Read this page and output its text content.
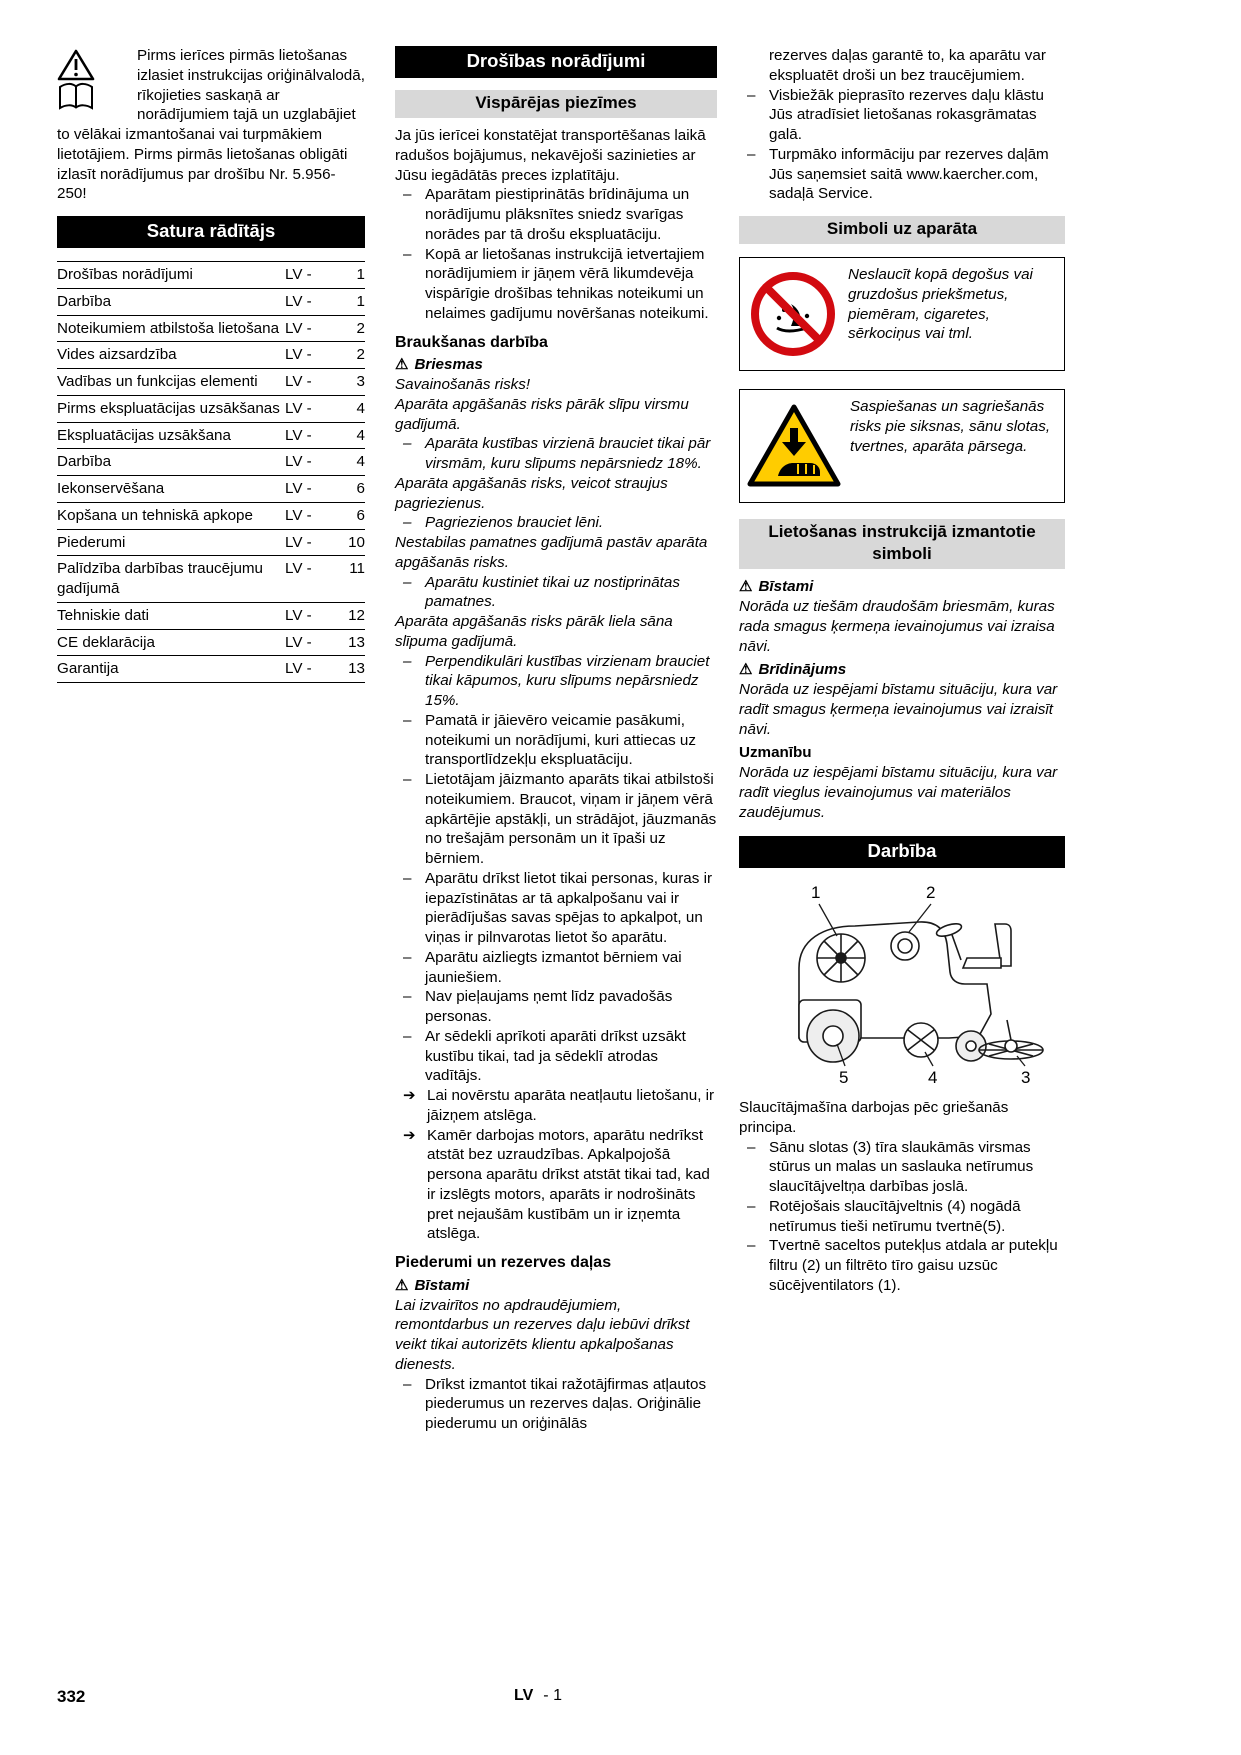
Pirms ierīces pirmās lietošanas izlasiet instrukcijas oriģinālvalodā, rīkojieties saskaņā ar norādījumiem tajā un uzglabājiet to vēlākai izmantošanai vai turpmākiem lietotājiem. Pirms pirmās lietošanas obligāti izlasīt norādījumus par drošību Nr. 5.956-250!
Satura rādītājs
Drošības norādījumi	LV -	1
Darbība	LV -	1
Noteikumiem atbilstoša lietošana LV -	2
Vides aizsardzība	LV -	2
Vadības un funkcijas elementi	LV -	3
Pirms ekspluatācijas uzsākšanas LV -	4
Ekspluatācijas uzsākšana	LV -	4
Darbība	LV -	4
Iekonservēšana	LV -	6
Kopšana un tehniskā apkope	LV -	6
Piederumi	LV -	10
Palīdzība darbības traucējumu gadījumā
LV -	11
Tehniskie dati	LV -	12
CE deklarācija	LV -	13
Garantija	LV -	13
Drošības norādījumi
Vispārējas piezīmes

Ja jūs ierīcei konstatējat transportēšanas laikā radušos bojājumus, nekavējoši sazinieties ar Jūsu iegādātās preces izplatītāju.

– Aparātam piestiprinātās brīdinājuma un norādījumu plāksnītes sniedz svarīgas norādes par tā drošu ekspluatāciju.
– Kopā ar lietošanas instrukcijā ietvertajiem norādījumiem ir jāņem vērā likumdevēja vispārīgie drošības tehnikas noteikumi un nelaimes gadījumu novēršanas noteikumi.
Braukšanas darbība
⚠ Briesmas

Savainošanās risks!

Aparāta apgāšanās risks pārāk slīpu virsmu gadījumā.

– Aparāta kustības virzienā brauciet tikai pār virsmām, kuru slīpums nepārsniedz 18%.

Aparāta apgāšanās risks, veicot straujus pagriezienus.

– Pagriezienos brauciet lēni.

Nestabilas pamatnes gadījumā pastāv aparāta apgāšanās risks.

– Aparātu kustiniet tikai uz nostiprinātas pamatnes.

Aparāta apgāšanās risks pārāk liela sāna slīpuma gadījumā.

– Perpendikulāri kustības virzienam brauciet tikai kāpumos, kuru slīpums nepārsniedz 15%.
– Pamatā ir jāievēro veicamie pasākumi, noteikumi un norādījumi, kuri attiecas uz transportlīdzekļu ekspluatāciju.
– Lietotājam jāizmanto aparāts tikai atbilstoši noteikumiem. Braucot, viņam ir jāņem vērā apkārtējie apstākļi, un strādājot, jāuzmanās no trešajām personām un it īpaši uz bērniem.
– Aparātu drīkst lietot tikai personas, kuras ir iepazīstinātas ar tā apkalpošanu vai ir pierādījušas savas spējas to apkalpot, un viņas ir pilnvarotas lietot šo aparātu.
– Aparātu aizliegts izmantot bērniem vai jauniešiem.
– Nav pieļaujams ņemt līdz pavadošās personas.
– Ar sēdekli aprīkoti aparāti drīkst uzsākt kustību tikai, tad ja sēdeklī atrodas vadītājs.
➔ Lai novērstu aparāta neatļautu lietošanu, ir jāizņem atslēga.
➔ Kamēr darbojas motors, aparātu nedrīkst atstāt bez uzraudzības. Apkalpojošā persona aparātu drīkst atstāt tikai tad, kad ir izslēgts motors, aparāts ir nodrošināts pret nejaušām kustībām un ir izņemta atslēga.
Piederumi un rezerves daļas
⚠ Bīstami

Lai izvairītos no apdraudējumiem, remontdarbus un rezerves daļu iebūvi drīkst veikt tikai autorizēts klientu apkalpošanas dienests.

– Drīkst izmantot tikai ražotājfirmas atļautos piederumus un rezerves daļas. Oriģinālie piederumu un oriģinālās

rezerves daļas garantē to, ka aparātu var ekspluatēt droši un bez traucējumiem.

– Visbiežāk pieprasīto rezerves daļu klāstu Jūs atradīsiet lietošanas rokasgrāmatas galā.
– Turpmāko informāciju par rezerves daļām Jūs saņemsiet saitā www.kaercher.com, sadaļā Service.
Simboli uz aparāta
Neslaucīt kopā degošus vai gruzdošus priekšmetus, piemēram, cigaretes, sērkociņus vai tml.
Saspiešanas un sagriešanās risks pie siksnas, sānu slotas, tvertnes, aparāta pārsega.
Lietošanas instrukcijā izmantotie simboli
⚠ Bīstami

Norāda uz tiešām draudošām briesmām, kuras rada smagus ķermeņa ievainojumus vai izraisa nāvi.

⚠ Brīdinājums

Norāda uz iespējami bīstamu situāciju, kura var radīt smagus ķermeņa ievainojumus vai izraisīt nāvi.

Uzmanību

Norāda uz iespējami bīstamu situāciju, kura var radīt vieglus ievainojumus vai materiālos zaudējumus.

Darbība
1	2
3
4
5

Slaucītājmašīna darbojas pēc griešanās principa.

– Sānu slotas (3) tīra slaukāmās virsmas stūrus un malas un saslauka netīrumus slaucītājveltņa darbības joslā.
– Rotējošais slaucītājveltnis (4) nogādā netīrumus tieši netīrumu tvertnē(5).
– Tvertnē saceltos putekļus atdala ar putekļu filtru (2) un filtrēto tīro gaisu uzsūc sūcējventilators (1).
332	LV - 1
